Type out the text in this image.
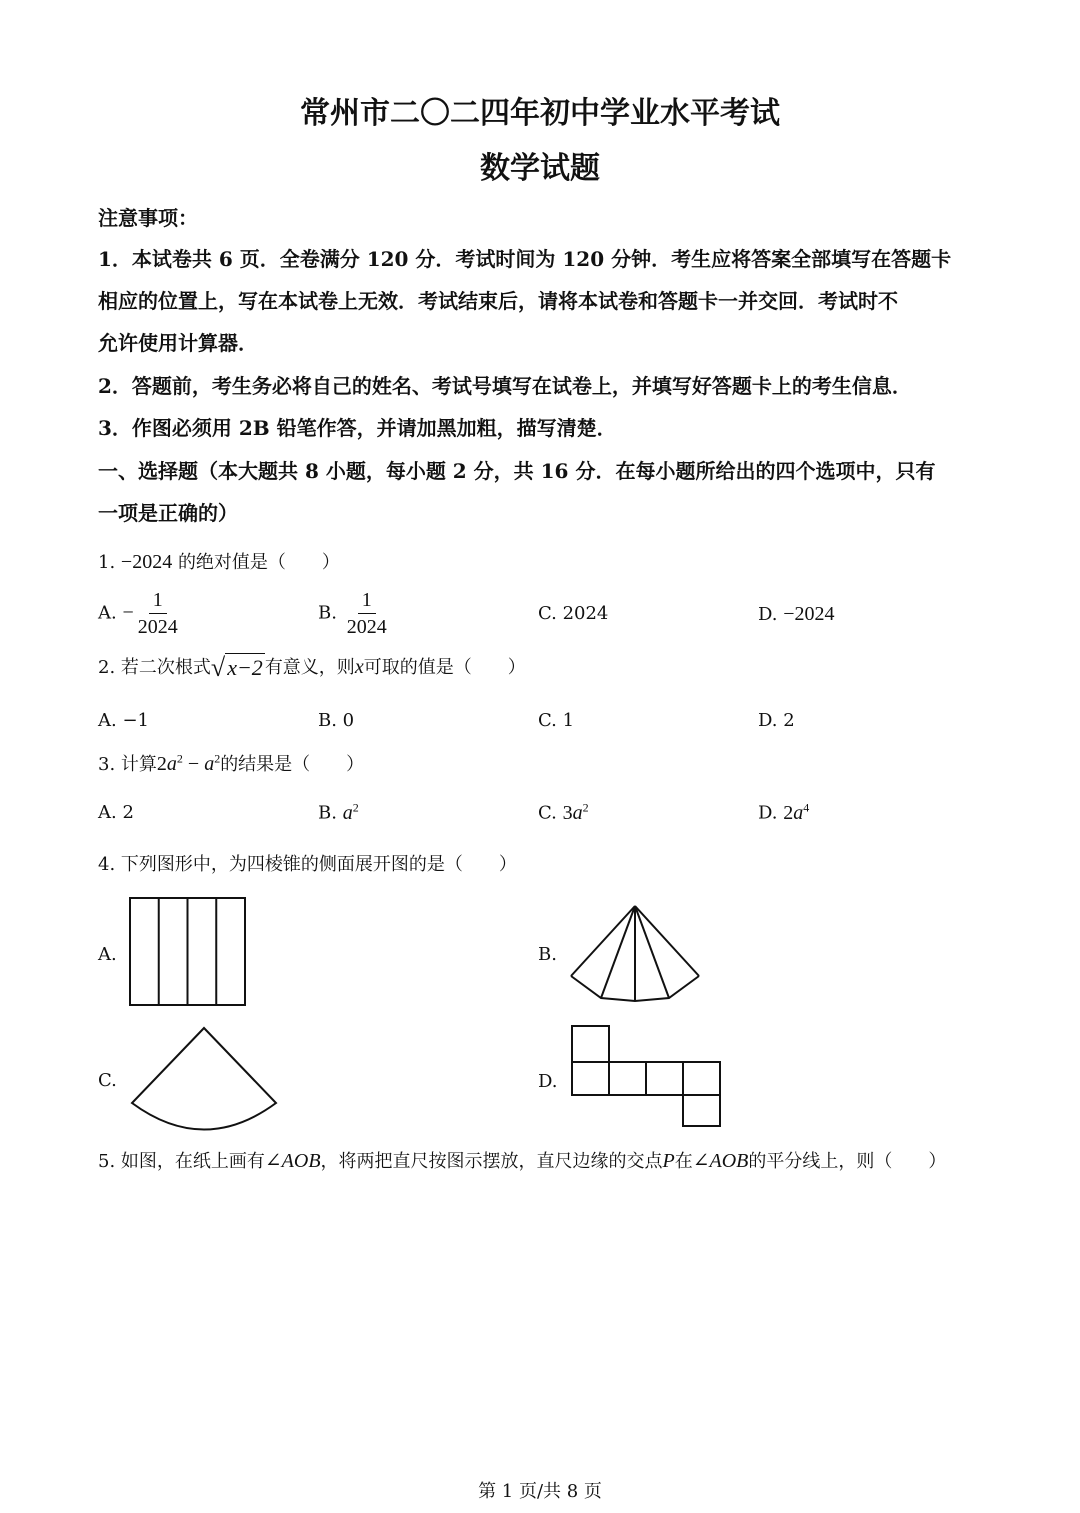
常州市二〇二四年初中学业水平考试
数学试题
注意事项：
1．本试卷共 6 页．全卷满分 120 分．考试时间为 120 分钟．考生应将答案全部填写在答题卡
相应的位置上，写在本试卷上无效．考试结束后，请将本试卷和答题卡一并交回．考试时不
允许使用计算器．
2．答题前，考生务必将自己的姓名、考试号填写在试卷上，并填写好答题卡上的考生信息．
3．作图必须用 2B 铅笔作答，并请加黑加粗，描写清楚．
一、选择题（本大题共 8 小题，每小题 2 分，共 16 分．在每小题所给出的四个选项中，只有
一项是正确的）
1. −2024 的绝对值是（　　）
A. − $\frac{1}{2024}$	B. $\frac{1}{2024}$	C. 2024	D. −2024
2. 若二次根式 √ x−2 有意义，则x可取的值是（　　）
A. −1	B. 0	C. 1	D. 2
3. 计算$2a^2 - a^2$的结果是（　　）
A. 2	B. $a^2$	C. $3a^2$	D. $2a^4$
4. 下列图形中，为四棱锥的侧面展开图的是（　　）
A.	B.
C.	D.
5. 如图，在纸上画有∠AOB，将两把直尺按图示摆放，直尺边缘的交点P在∠AOB的平分线上，则（　　）
第 1 页/共 8 页
